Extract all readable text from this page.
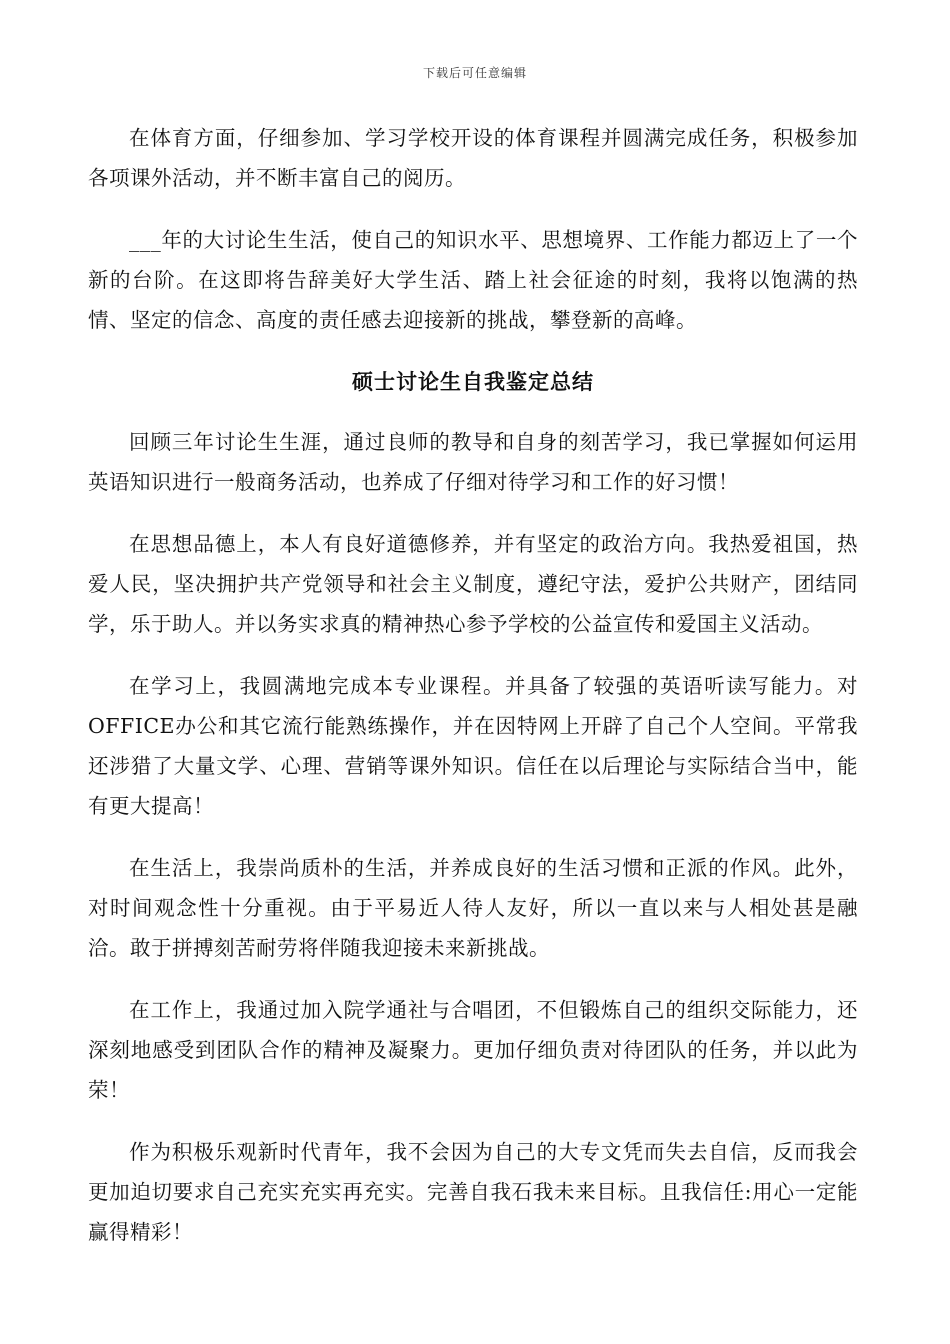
下载后可任意编辑

在体育方面，仔细参加、学习学校开设的体育课程并圆满完成任务，积极参加各项课外活动，并不断丰富自己的阅历。

___年的大讨论生生活，使自己的知识水平、思想境界、工作能力都迈上了一个新的台阶。在这即将告辞美好大学生活、踏上社会征途的时刻，我将以饱满的热情、坚定的信念、高度的责任感去迎接新的挑战，攀登新的高峰。

硕士讨论生自我鉴定总结

回顾三年讨论生生涯，通过良师的教导和自身的刻苦学习，我已掌握如何运用英语知识进行一般商务活动，也养成了仔细对待学习和工作的好习惯！

在思想品德上，本人有良好道德修养，并有坚定的政治方向。我热爱祖国，热爱人民，坚决拥护共产党领导和社会主义制度，遵纪守法，爱护公共财产，团结同学，乐于助人。并以务实求真的精神热心参予学校的公益宣传和爱国主义活动。

在学习上，我圆满地完成本专业课程。并具备了较强的英语听读写能力。对OFFICE办公和其它流行能熟练操作，并在因特网上开辟了自己个人空间。平常我还涉猎了大量文学、心理、营销等课外知识。信任在以后理论与实际结合当中，能有更大提高！

在生活上，我崇尚质朴的生活，并养成良好的生活习惯和正派的作风。此外，对时间观念性十分重视。由于平易近人待人友好，所以一直以来与人相处甚是融洽。敢于拼搏刻苦耐劳将伴随我迎接未来新挑战。

在工作上，我通过加入院学通社与合唱团，不但锻炼自己的组织交际能力，还深刻地感受到团队合作的精神及凝聚力。更加仔细负责对待团队的任务，并以此为荣！

作为积极乐观新时代青年，我不会因为自己的大专文凭而失去自信，反而我会更加迫切要求自己充实充实再充实。完善自我石我未来目标。且我信任:用心一定能赢得精彩！
